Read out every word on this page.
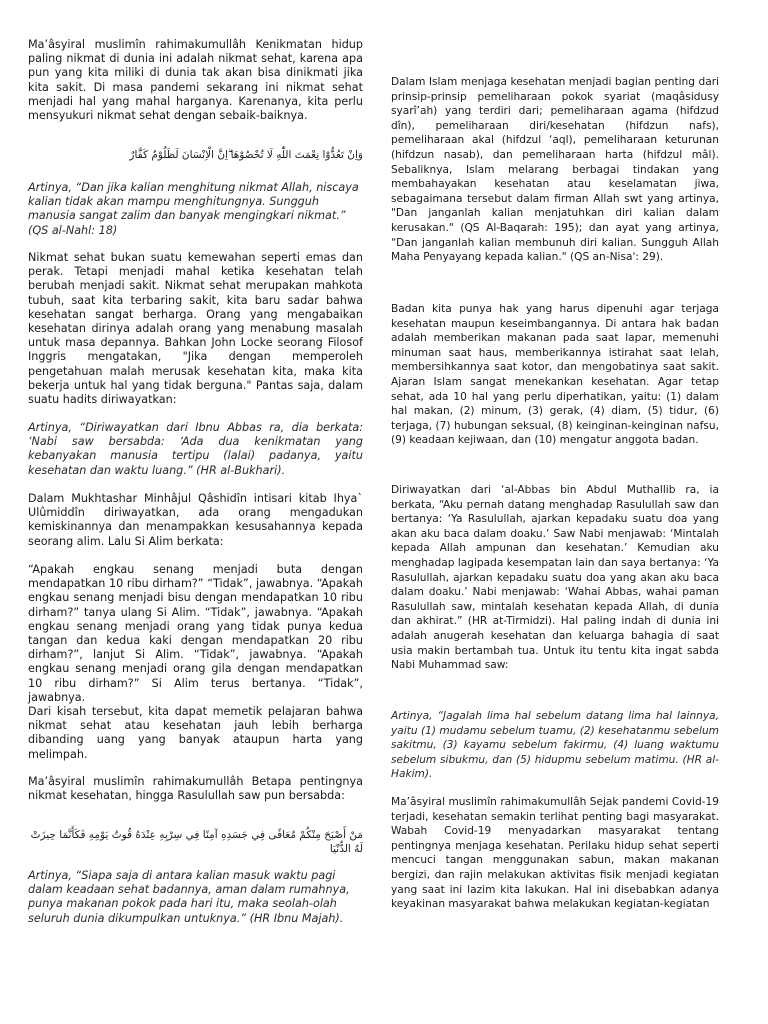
Ma’âsyiral muslimîn rahimakumullâh Kenikmatan hidup paling nikmat di dunia ini adalah nikmat sehat, karena apa pun yang kita miliki di dunia tak akan bisa dinikmati jika kita sakit. Di masa pandemi sekarang ini nikmat sehat menjadi hal yang mahal harganya. Karenanya, kita perlu mensyukuri nikmat sehat dengan sebaik-baiknya.

وَاِنْ تَعُدُّوْا نِعْمَتَ اللّٰهِ لَا تُحْصُوْهَا ۗاِنَّ الْاِنْسَانَ لَظَلُوْمٌ كَفَّارٌ

Artinya, “Dan jika kalian menghitung nikmat Allah, niscaya kalian tidak akan mampu menghitungnya. Sungguh manusia sangat zalim dan banyak mengingkari nikmat.” (QS al-Nahl: 18)

Nikmat sehat bukan suatu kemewahan seperti emas dan perak. Tetapi menjadi mahal ketika kesehatan telah berubah menjadi sakit. Nikmat sehat merupakan mahkota tubuh, saat kita terbaring sakit, kita baru sadar bahwa kesehatan sangat berharga. Orang yang mengabaikan kesehatan dirinya adalah orang yang menabung masalah untuk masa depannya. Bahkan John Locke seorang Filosof Inggris mengatakan, "Jika dengan memperoleh pengetahuan malah merusak kesehatan kita, maka kita bekerja untuk hal yang tidak berguna." Pantas saja, dalam suatu hadits diriwayatkan:

Artinya, “Diriwayatkan dari Ibnu Abbas ra, dia berkata: ‘Nabi saw bersabda: ‘Ada dua kenikmatan yang kebanyakan manusia tertipu (lalai) padanya, yaitu kesehatan dan waktu luang.” (HR al-Bukhari).

Dalam Mukhtashar Minhâjul Qâshidîn intisari kitab Ihya` Ulûmiddîn diriwayatkan, ada orang mengadukan kemiskinannya dan menampakkan kesusahannya kepada seorang alim. Lalu Si Alim berkata:

“Apakah engkau senang menjadi buta dengan mendapatkan 10 ribu dirham?” “Tidak”, jawabnya. “Apakah engkau senang menjadi bisu dengan mendapatkan 10 ribu dirham?” tanya ulang Si Alim. “Tidak”, jawabnya. “Apakah engkau senang menjadi orang yang tidak punya kedua tangan dan kedua kaki dengan mendapatkan 20 ribu dirham?”, lanjut Si Alim. “Tidak”, jawabnya. “Apakah engkau senang menjadi orang gila dengan mendapatkan 10 ribu dirham?” Si Alim terus bertanya. “Tidak”, jawabnya.
Dari kisah tersebut, kita dapat memetik pelajaran bahwa nikmat sehat atau kesehatan jauh lebih berharga dibanding uang yang banyak ataupun harta yang melimpah.

Ma’âsyiral muslimîn rahimakumullâh Betapa pentingnya nikmat kesehatan, hingga Rasulullah saw pun bersabda:

مَنْ أَصْبَحَ مِنْكُمْ مُعَافًى فِي جَسَدِهِ آمِنًا فِي سِرْبِهِ عِنْدَهُ قُوتُ يَوْمِهِ فَكَأَنَّمَا حِيزَتْ لَهُ الدُّنْيَا

Artinya, “Siapa saja di antara kalian masuk waktu pagi dalam keadaan sehat badannya, aman dalam rumahnya, punya makanan pokok pada hari itu, maka seolah-olah seluruh dunia dikumpulkan untuknya.” (HR Ibnu Majah).

Dalam Islam menjaga kesehatan menjadi bagian penting dari prinsip-prinsip pemeliharaan pokok syariat (maqâsidusy syarî’ah) yang terdiri dari; pemeliharaan agama (hifdzud dîn), pemeliharaan diri/kesehatan (hifdzun nafs), pemeliharaan akal (hifdzul ‘aql), pemeliharaan keturunan (hifdzun nasab), dan pemeliharaan harta (hifdzul mâl). Sebaliknya, Islam melarang berbagai tindakan yang membahayakan kesehatan atau keselamatan jiwa, sebagaimana tersebut dalam firman Allah swt yang artinya, "Dan janganlah kalian menjatuhkan diri kalian dalam kerusakan." (QS Al-Baqarah: 195); dan ayat yang artinya, “Dan janganlah kalian membunuh diri kalian. Sungguh Allah Maha Penyayang kepada kalian." (QS an-Nisa': 29).

Badan kita punya hak yang harus dipenuhi agar terjaga kesehatan maupun keseimbangannya. Di antara hak badan adalah memberikan makanan pada saat lapar, memenuhi minuman saat haus, memberikannya istirahat saat lelah, membersihkannya saat kotor, dan mengobatinya saat sakit. Ajaran Islam sangat menekankan kesehatan. Agar tetap sehat, ada 10 hal yang perlu diperhatikan, yaitu: (1) dalam hal makan, (2) minum, (3) gerak, (4) diam, (5) tidur, (6) terjaga, (7) hubungan seksual, (8) keinginan-keinginan nafsu, (9) keadaan kejiwaan, dan (10) mengatur anggota badan.

Diriwayatkan dari ‘al-Abbas bin Abdul Muthallib ra, ia berkata, “Aku pernah datang menghadap Rasulullah saw dan bertanya: ‘Ya Rasulullah, ajarkan kepadaku suatu doa yang akan aku baca dalam doaku.’ Saw Nabi menjawab: ‘Mintalah kepada Allah ampunan dan kesehatan.’ Kemudian aku menghadap lagipada kesempatan lain dan saya bertanya: ‘Ya Rasulullah, ajarkan kepadaku suatu doa yang akan aku baca dalam doaku.’ Nabi menjawab: ‘Wahai Abbas, wahai paman Rasulullah saw, mintalah kesehatan kepada Allah, di dunia dan akhirat.” (HR at-Tirmidzi). Hal paling indah di dunia ini adalah anugerah kesehatan dan keluarga bahagia di saat usia makin bertambah tua. Untuk itu tentu kita ingat sabda Nabi Muhammad saw:

Artinya, “Jagalah lima hal sebelum datang lima hal lainnya, yaitu (1) mudamu sebelum tuamu, (2) kesehatanmu sebelum sakitmu, (3) kayamu sebelum fakirmu, (4) luang waktumu sebelum sibukmu, dan (5) hidupmu sebelum matimu. (HR al-Hakim).

Ma’âsyiral muslimîn rahimakumullâh Sejak pandemi Covid-19 terjadi, kesehatan semakin terlihat penting bagi masyarakat. Wabah Covid-19 menyadarkan masyarakat tentang pentingnya menjaga kesehatan. Perilaku hidup sehat seperti mencuci tangan menggunakan sabun, makan makanan bergizi, dan rajin melakukan aktivitas fisik menjadi kegiatan yang saat ini lazim kita lakukan. Hal ini disebabkan adanya keyakinan masyarakat bahwa melakukan kegiatan-kegiatan
